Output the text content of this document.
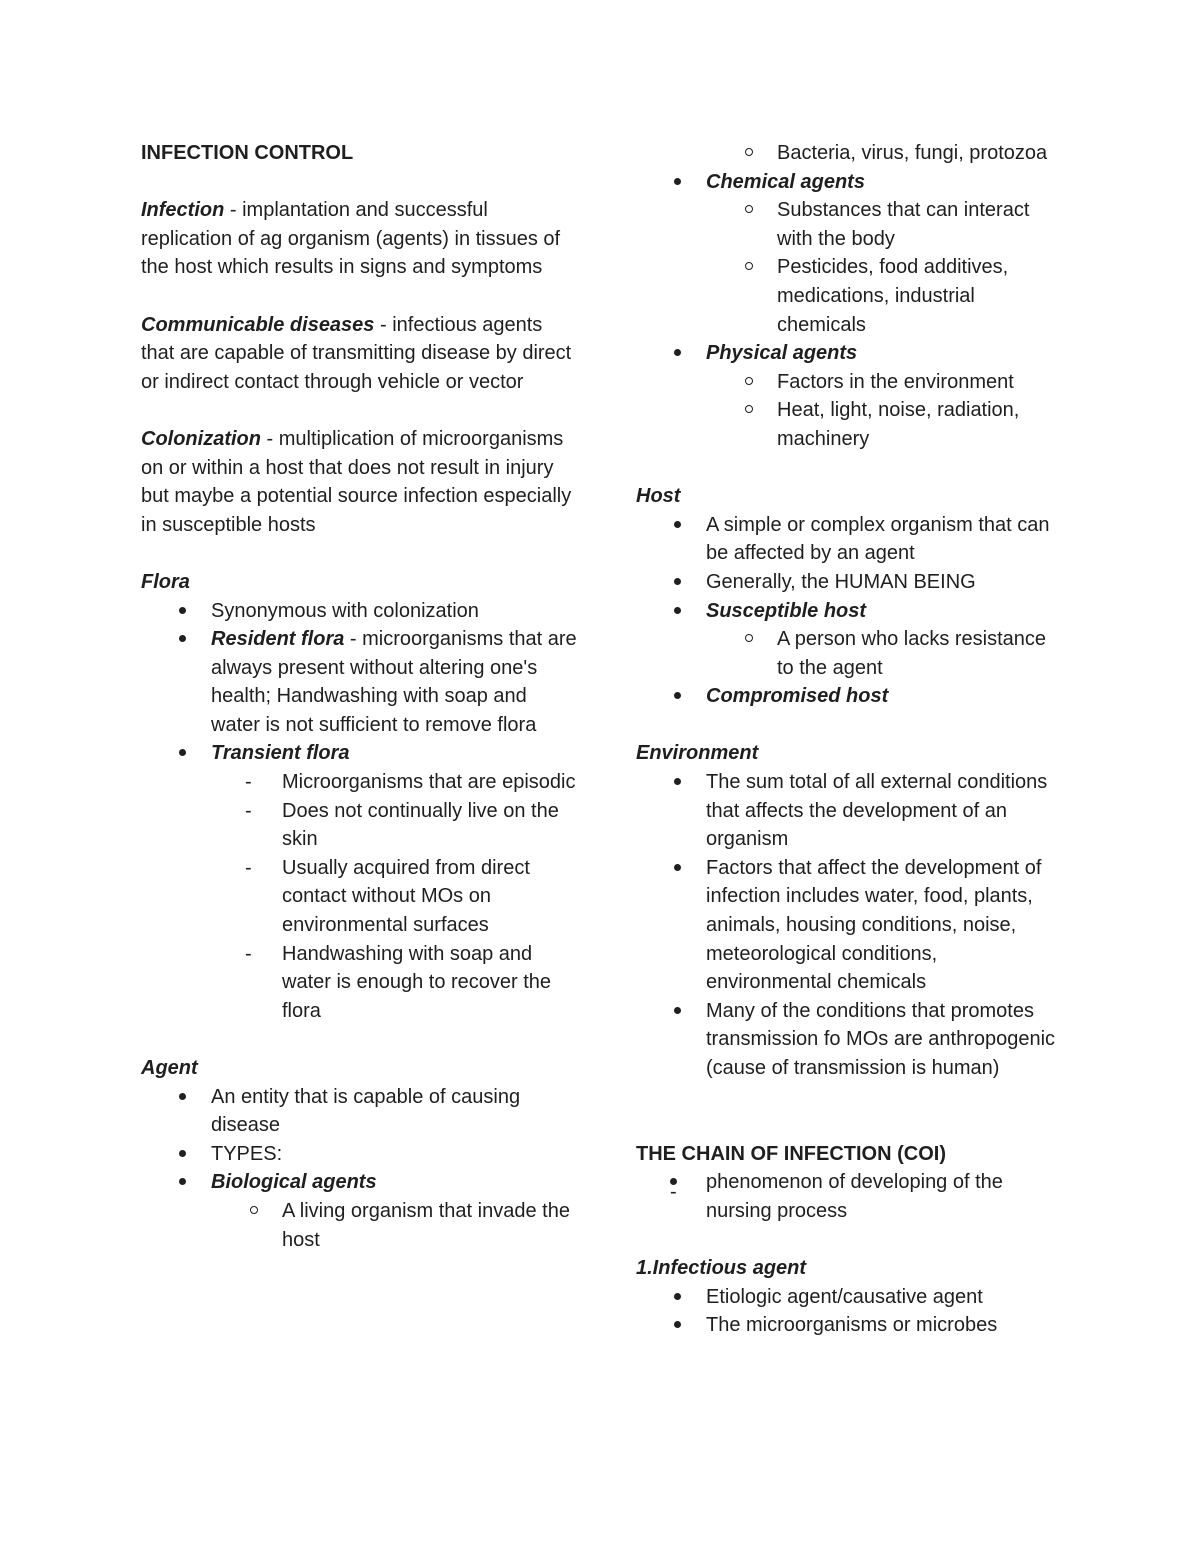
INFECTION CONTROL

Infection - implantation and successful replication of ag organism (agents) in tissues of the host which results in signs and symptoms

Communicable diseases - infectious agents that are capable of transmitting disease by direct or indirect contact through vehicle or vector

Colonization - multiplication of microorganisms on or within a host that does not result in injury but maybe a potential source infection especially in susceptible hosts

Flora

Synonymous with colonization
Resident flora - microorganisms that are always present without altering one's health; Handwashing with soap and water is not sufficient to remove flora
Transient flora
- Microorganisms that are episodic
- Does not continually live on the skin
- Usually acquired from direct contact without MOs on environmental surfaces
- Handwashing with soap and water is enough to recover the flora

Agent

An entity that is capable of causing disease
TYPES:
Biological agents
A living organism that invade the host
Bacteria, virus, fungi, protozoa
Chemical agents
Substances that can interact with the body
Pesticides, food additives, medications, industrial chemicals
Physical agents
Factors in the environment
Heat, light, noise, radiation, machinery

Host

A simple or complex organism that can be affected by an agent
Generally, the HUMAN BEING
Susceptible host
A person who lacks resistance to the agent
Compromised host

Environment

The sum total of all external conditions that affects the development of an organism
Factors that affect the development of infection includes water, food, plants, animals, housing conditions, noise, meteorological conditions, environmental chemicals
Many of the conditions that promotes transmission fo MOs are anthropogenic (cause of transmission is human)

THE CHAIN OF INFECTION (COI)

- phenomenon of developing of the nursing process

1.Infectious agent

Etiologic agent/causative agent
The microorganisms or microbes
